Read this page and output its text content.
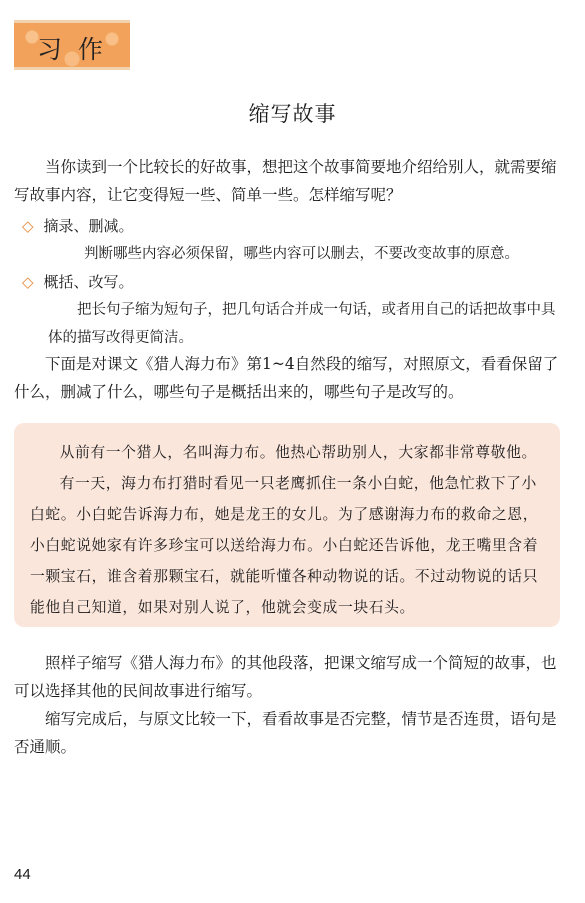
习作
缩写故事
当你读到一个比较长的好故事，想把这个故事简要地介绍给别人，就需要缩写故事内容，让它变得短一些、简单一些。怎样缩写呢？
◇ 摘录、删减。
判断哪些内容必须保留，哪些内容可以删去，不要改变故事的原意。
◇ 概括、改写。
把长句子缩为短句子，把几句话合并成一句话，或者用自己的话把故事中具体的描写改得更简洁。
下面是对课文《猎人海力布》第1~4自然段的缩写，对照原文，看看保留了什么，删减了什么，哪些句子是概括出来的，哪些句子是改写的。
从前有一个猎人，名叫海力布。他热心帮助别人，大家都非常尊敬他。
有一天，海力布打猎时看见一只老鹰抓住一条小白蛇，他急忙救下了小白蛇。小白蛇告诉海力布，她是龙王的女儿。为了感谢海力布的救命之恩，小白蛇说她家有许多珍宝可以送给海力布。小白蛇还告诉他，龙王嘴里含着一颗宝石，谁含着那颗宝石，就能听懂各种动物说的话。不过动物说的话只能他自己知道，如果对别人说了，他就会变成一块石头。
照样子缩写《猎人海力布》的其他段落，把课文缩写成一个简短的故事，也可以选择其他的民间故事进行缩写。
缩写完成后，与原文比较一下，看看故事是否完整，情节是否连贯，语句是否通顺。
44
